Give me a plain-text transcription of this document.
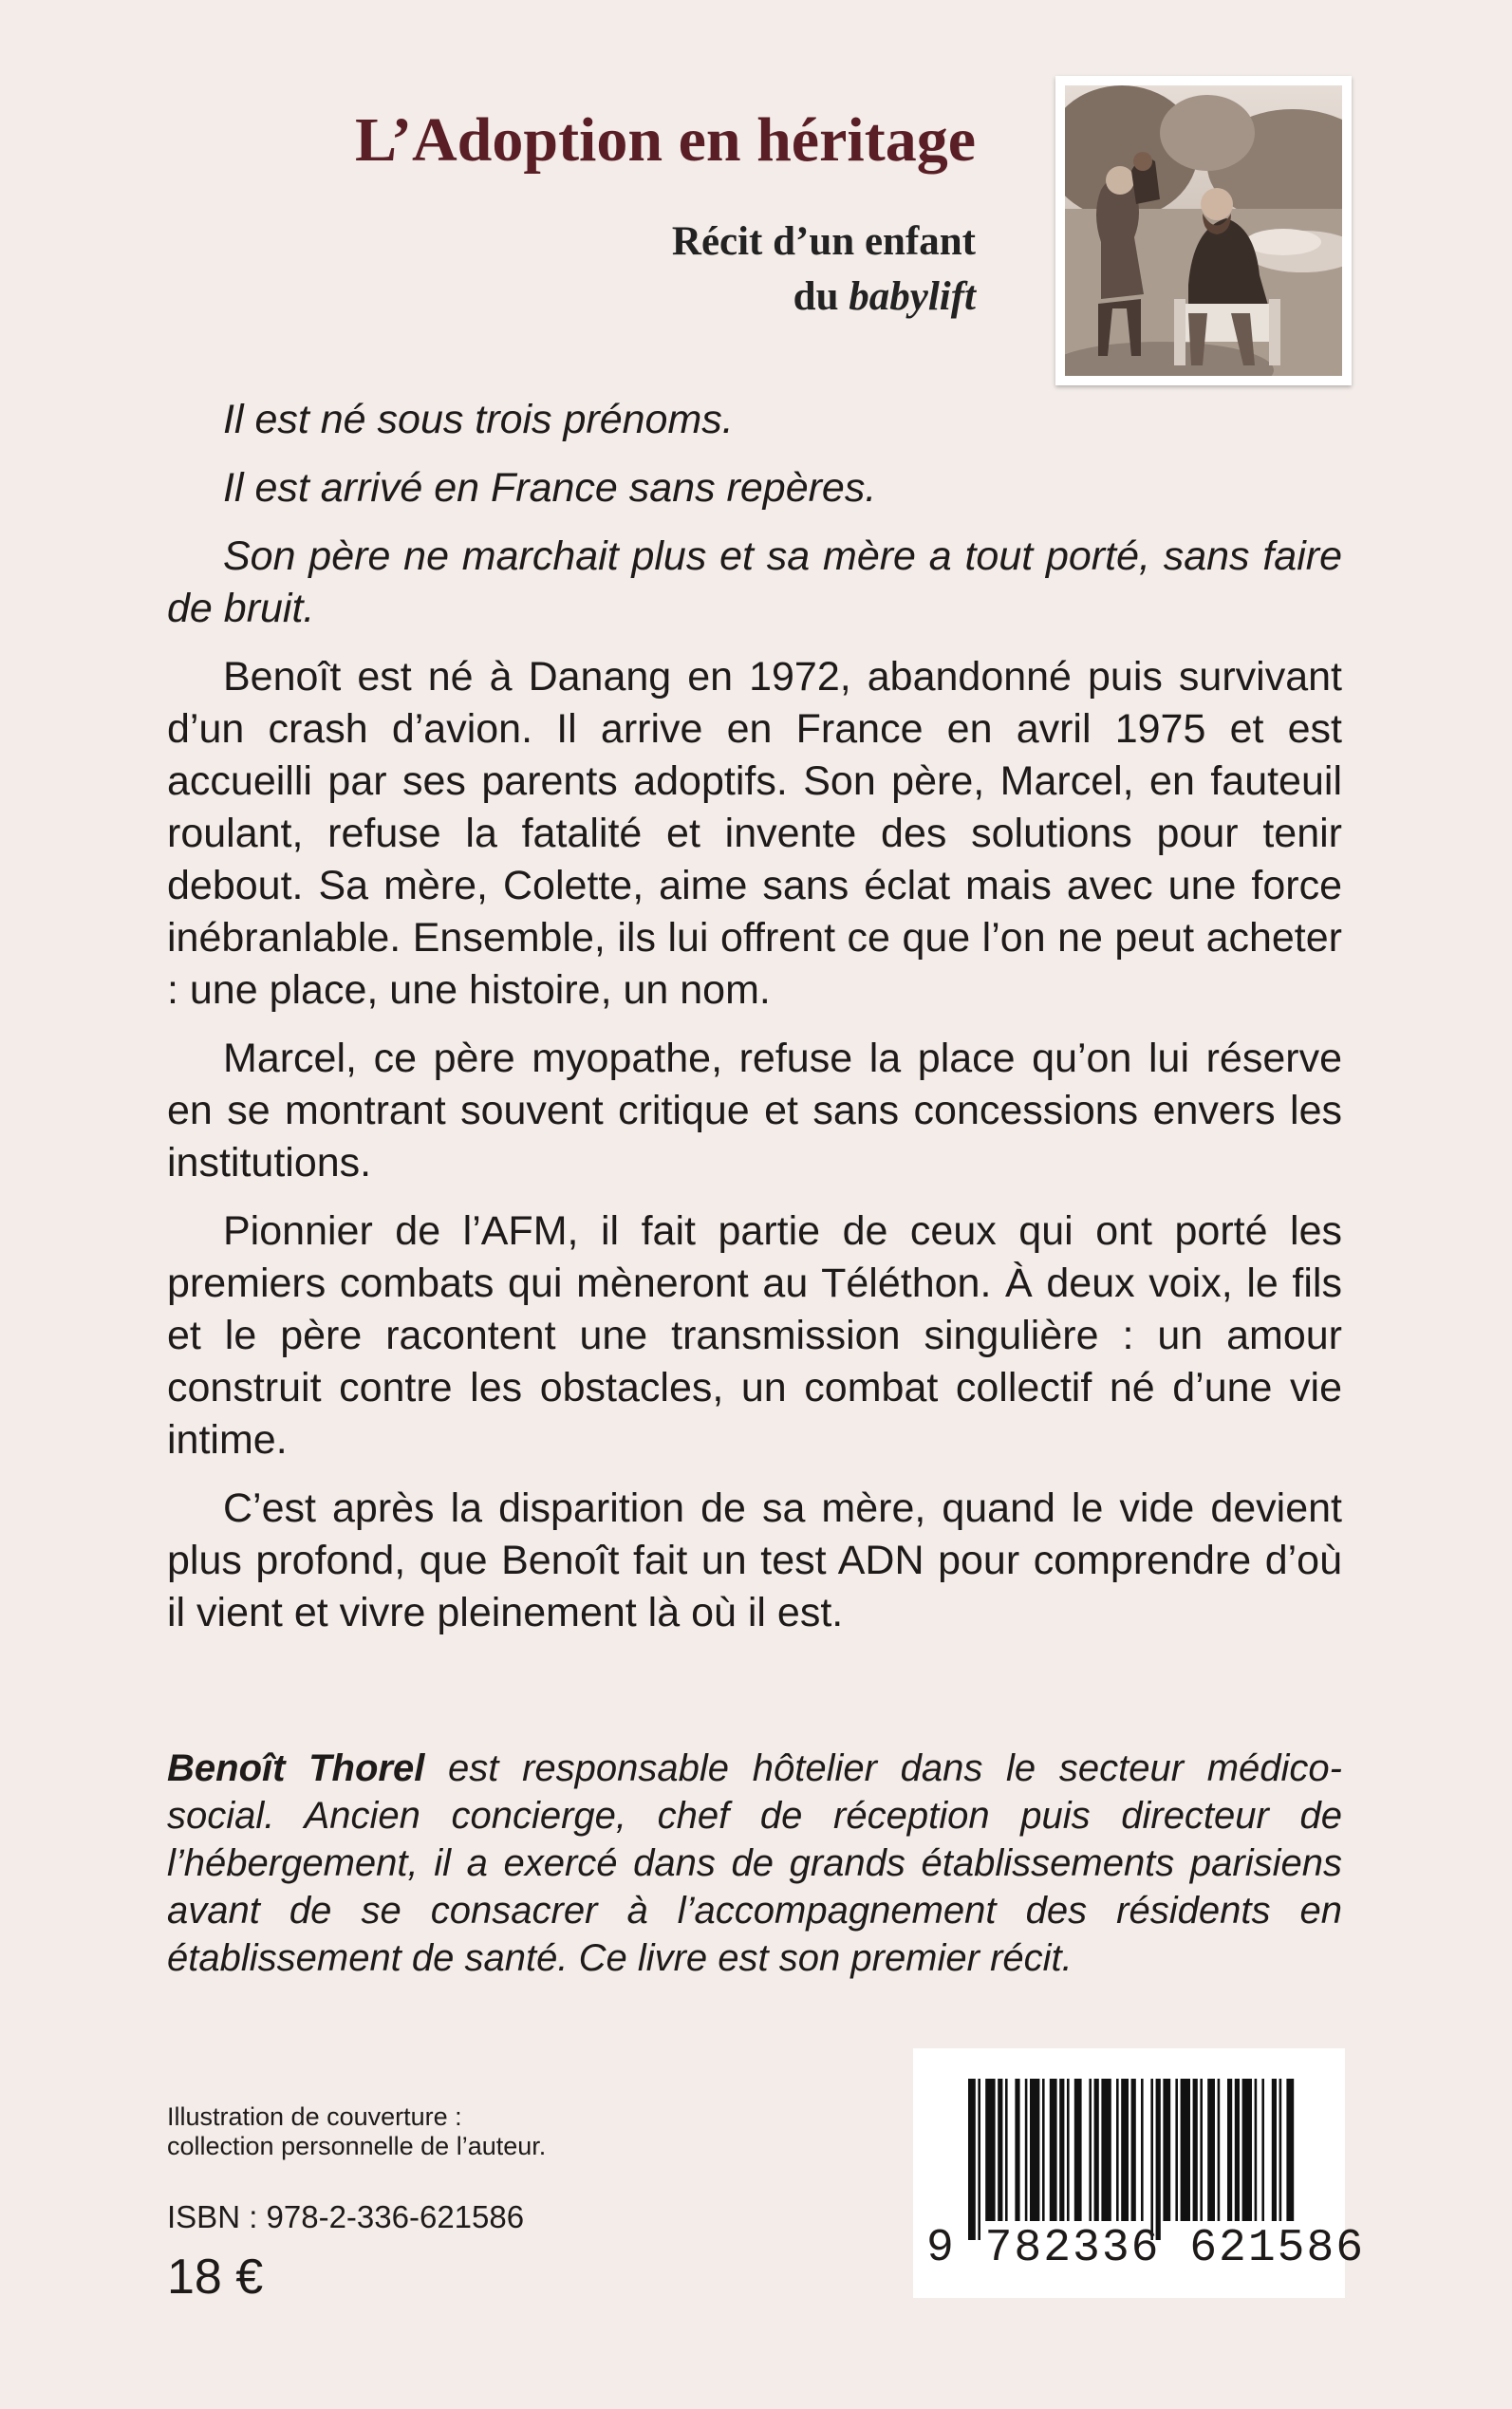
L’Adoption en héritage
Récit d’un enfant
du babylift

Il est né sous trois prénoms.

Il est arrivé en France sans repères.

Son père ne marchait plus et sa mère a tout porté, sans faire de bruit.

Benoît est né à Danang en 1972, abandonné puis survivant d’un crash d’avion. Il arrive en France en avril 1975 et est accueilli par ses parents adoptifs. Son père, Marcel, en fauteuil roulant, refuse la fatalité et invente des solutions pour tenir debout. Sa mère, Colette, aime sans éclat mais avec une force inébranlable. Ensemble, ils lui offrent ce que l’on ne peut acheter : une place, une histoire, un nom.

Marcel, ce père myopathe, refuse la place qu’on lui réserve en se montrant souvent critique et sans concessions envers les institutions.

Pionnier de l’AFM, il fait partie de ceux qui ont porté les premiers combats qui mèneront au Téléthon. À deux voix, le fils et le père racontent une transmission singulière : un amour construit contre les obstacles, un combat collectif né d’une vie intime.

C’est après la disparition de sa mère, quand le vide devient plus profond, que Benoît fait un test ADN pour comprendre d’où il vient et vivre pleinement là où il est.

Benoît Thorel est responsable hôtelier dans le secteur médico-social. Ancien concierge, chef de réception puis directeur de l’hébergement, il a exercé dans de grands établissements parisiens avant de se consacrer à l’accompagnement des résidents en établissement de santé. Ce livre est son premier récit.

Illustration de couverture :
collection personnelle de l’auteur.
ISBN : 978-2-336-621586
18 €
9 782336 621586
